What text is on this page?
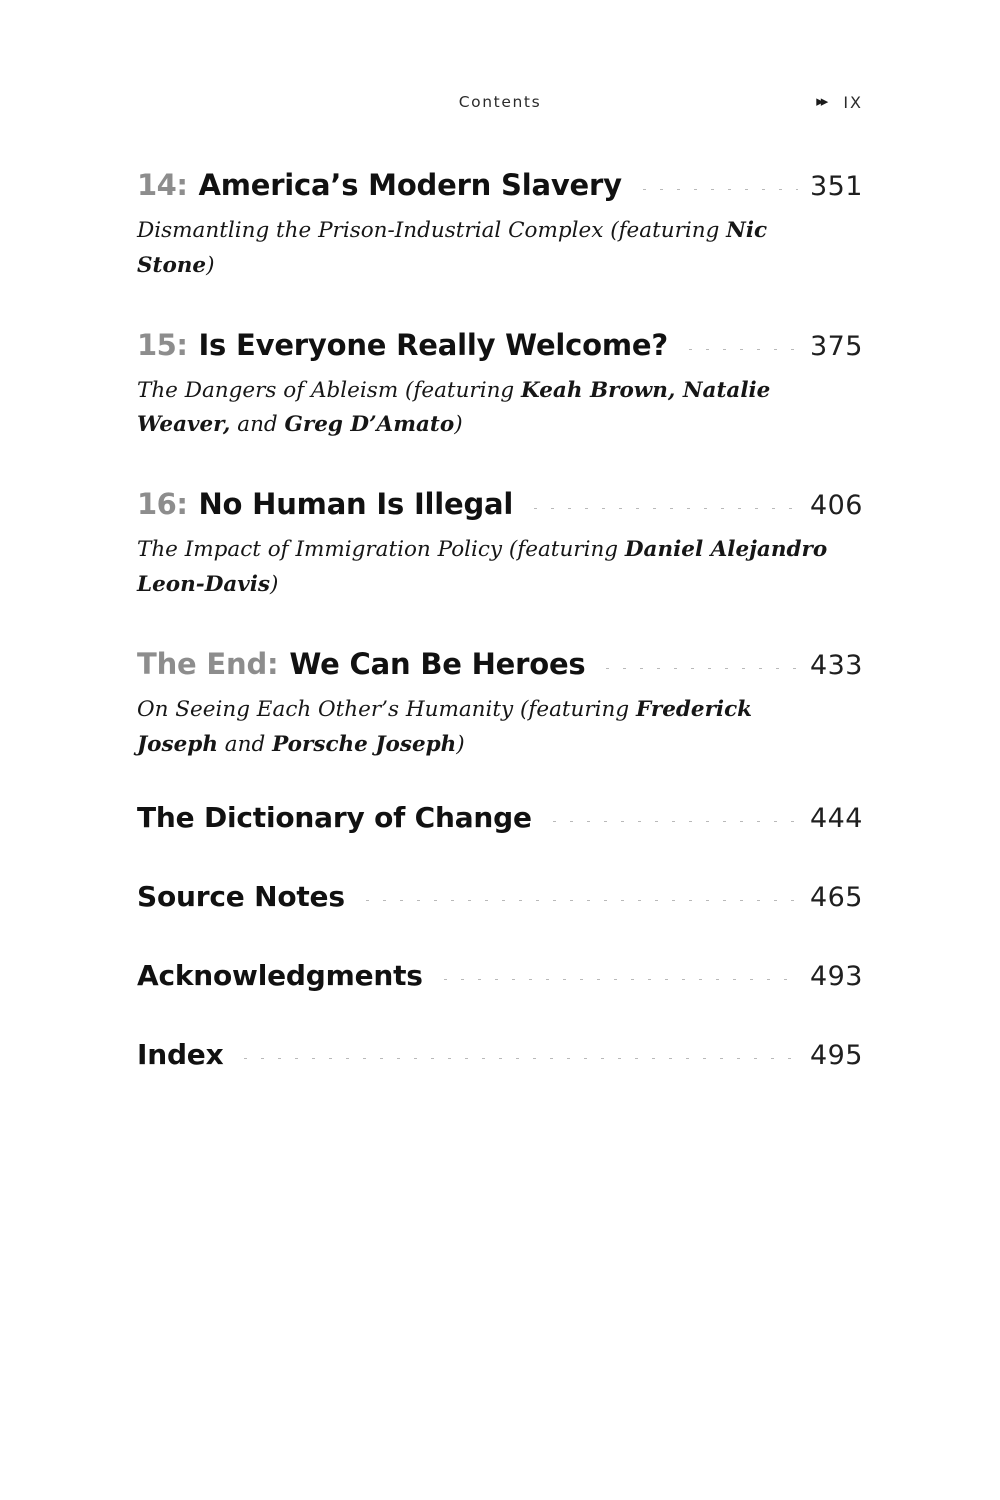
Contents	▸▸ IX
14: America’s Modern Slavery	351
Dismantling the Prison-Industrial Complex (featuring Nic Stone)
15: Is Everyone Really Welcome?	375
The Dangers of Ableism (featuring Keah Brown, Natalie Weaver, and Greg D’Amato)
16: No Human Is Illegal	406
The Impact of Immigration Policy (featuring Daniel Alejandro Leon-Davis)
The End: We Can Be Heroes	433
On Seeing Each Other’s Humanity (featuring Frederick Joseph and Porsche Joseph)
The Dictionary of Change	444
Source Notes	465
Acknowledgments	493
Index	495
